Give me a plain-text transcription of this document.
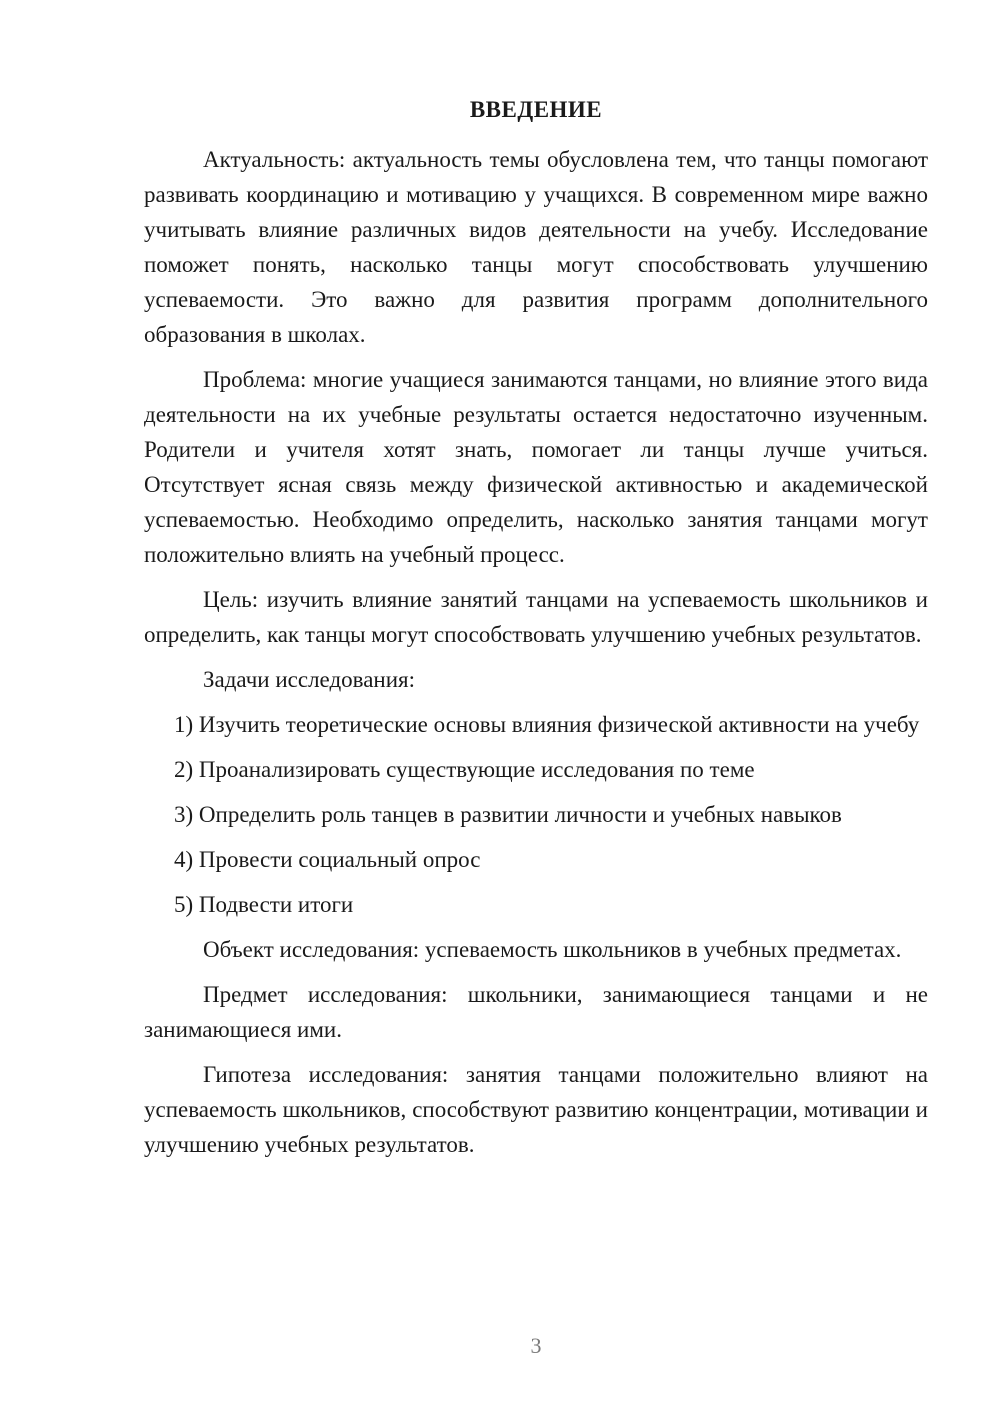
ВВЕДЕНИЕ

Актуальность: актуальность темы обусловлена тем, что танцы помогают развивать координацию и мотивацию у учащихся. В современном мире важно учитывать влияние различных видов деятельности на учебу. Исследование поможет понять, насколько танцы могут способствовать улучшению успеваемости. Это важно для развития программ дополнительного образования в школах.

Проблема: многие учащиеся занимаются танцами, но влияние этого вида деятельности на их учебные результаты остается недостаточно изученным. Родители и учителя хотят знать, помогает ли танцы лучше учиться. Отсутствует ясная связь между физической активностью и академической успеваемостью. Необходимо определить, насколько занятия танцами могут положительно влиять на учебный процесс.

Цель: изучить влияние занятий танцами на успеваемость школьников и определить, как танцы могут способствовать улучшению учебных результатов.

Задачи исследования:

1) Изучить теоретические основы влияния физической активности на учебу

2) Проанализировать существующие исследования по теме

3) Определить роль танцев в развитии личности и учебных навыков

4) Провести социальный опрос

5) Подвести итоги

Объект исследования: успеваемость школьников в учебных предметах.

Предмет исследования: школьники, занимающиеся танцами и не занимающиеся ими.

Гипотеза исследования: занятия танцами положительно влияют на успеваемость школьников, способствуют развитию концентрации, мотивации и улучшению учебных результатов.

3
